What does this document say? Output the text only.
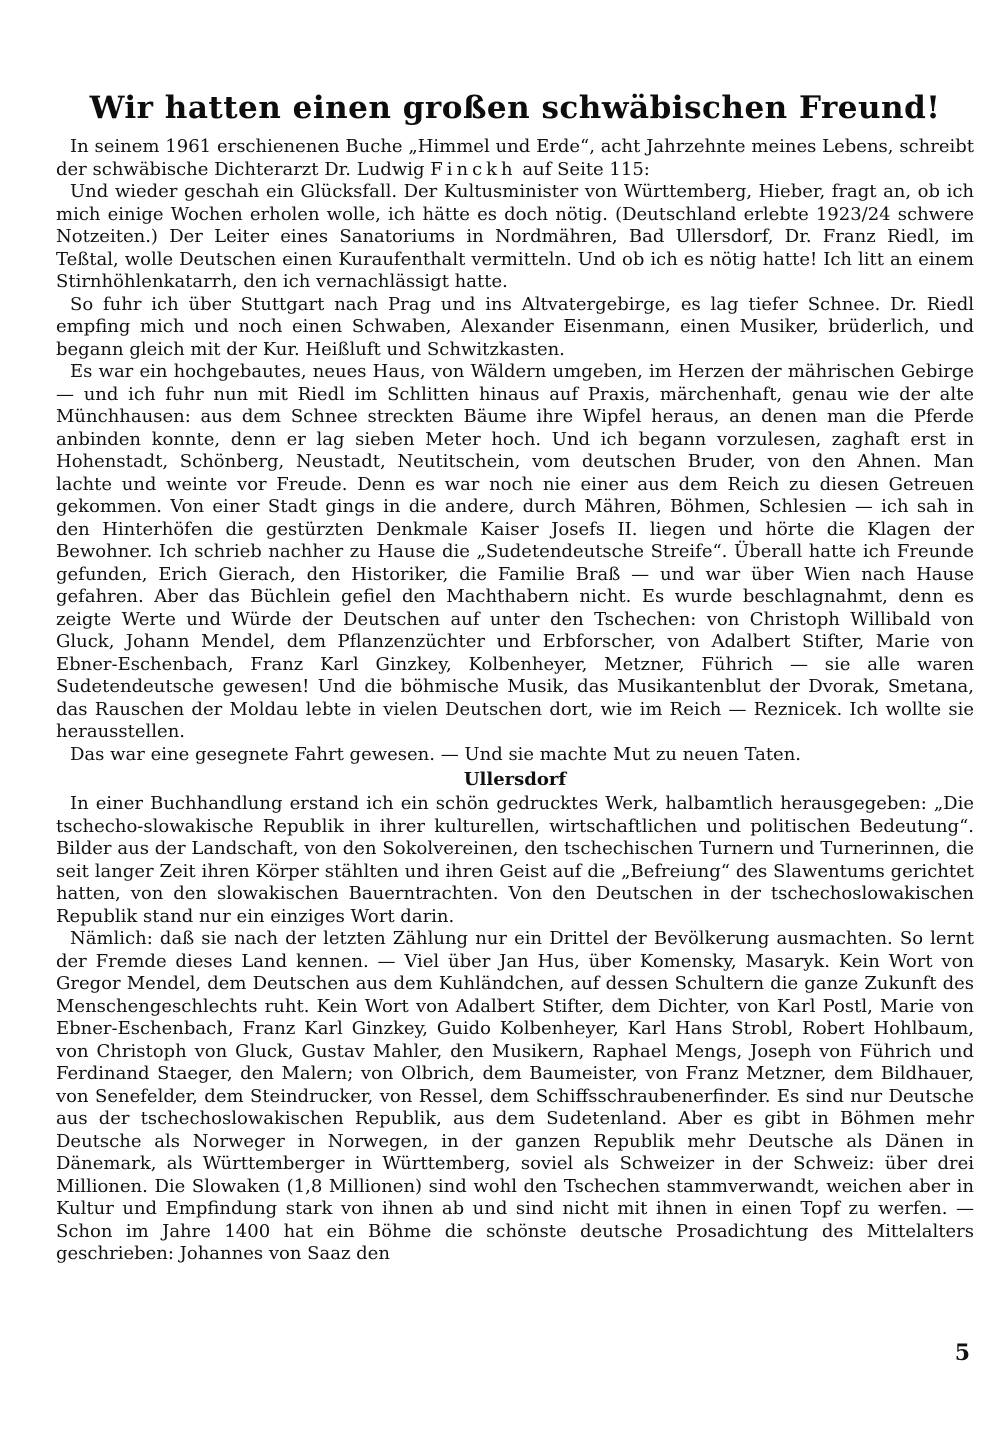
Wir hatten einen großen schwäbischen Freund!

In seinem 1961 erschienenen Buche „Himmel und Erde“, acht Jahrzehnte meines Lebens, schreibt der schwäbische Dichterarzt Dr. Ludwig Finckh auf Seite 115:

Und wieder geschah ein Glücksfall. Der Kultusminister von Württemberg, Hieber, fragt an, ob ich mich einige Wochen erholen wolle, ich hätte es doch nötig. (Deutschland erlebte 1923/24 schwere Notzeiten.) Der Leiter eines Sanatoriums in Nordmähren, Bad Ullersdorf, Dr. Franz Riedl, im Teßtal, wolle Deutschen einen Kuraufenthalt vermitteln. Und ob ich es nötig hatte! Ich litt an einem Stirnhöhlenkatarrh, den ich vernachlässigt hatte.

So fuhr ich über Stuttgart nach Prag und ins Altvatergebirge, es lag tiefer Schnee. Dr. Riedl empfing mich und noch einen Schwaben, Alexander Eisenmann, einen Musiker, brüderlich, und begann gleich mit der Kur. Heißluft und Schwitzkasten.

Es war ein hochgebautes, neues Haus, von Wäldern umgeben, im Herzen der mährischen Gebirge — und ich fuhr nun mit Riedl im Schlitten hinaus auf Praxis, märchenhaft, genau wie der alte Münchhausen: aus dem Schnee streckten Bäume ihre Wipfel heraus, an denen man die Pferde anbinden konnte, denn er lag sieben Meter hoch. Und ich begann vorzulesen, zaghaft erst in Hohenstadt, Schönberg, Neustadt, Neutitschein, vom deutschen Bruder, von den Ahnen. Man lachte und weinte vor Freude. Denn es war noch nie einer aus dem Reich zu diesen Getreuen gekommen. Von einer Stadt gings in die andere, durch Mähren, Böhmen, Schlesien — ich sah in den Hinterhöfen die gestürzten Denkmale Kaiser Josefs II. liegen und hörte die Klagen der Bewohner. Ich schrieb nachher zu Hause die „Sudetendeutsche Streife“. Überall hatte ich Freunde gefunden, Erich Gierach, den Historiker, die Familie Braß — und war über Wien nach Hause gefahren. Aber das Büchlein gefiel den Machthabern nicht. Es wurde beschlagnahmt, denn es zeigte Werte und Würde der Deutschen auf unter den Tschechen: von Christoph Willibald von Gluck, Johann Mendel, dem Pflanzenzüchter und Erbforscher, von Adalbert Stifter, Marie von Ebner-Eschenbach, Franz Karl Ginzkey, Kolbenheyer, Metzner, Führich — sie alle waren Sudetendeutsche gewesen! Und die böhmische Musik, das Musikantenblut der Dvorak, Smetana, das Rauschen der Moldau lebte in vielen Deutschen dort, wie im Reich — Reznicek. Ich wollte sie herausstellen.

Das war eine gesegnete Fahrt gewesen. — Und sie machte Mut zu neuen Taten.

Ullersdorf

In einer Buchhandlung erstand ich ein schön gedrucktes Werk, halbamtlich herausgegeben: „Die tschecho-slowakische Republik in ihrer kulturellen, wirtschaftlichen und politischen Bedeutung“. Bilder aus der Landschaft, von den Sokolvereinen, den tschechischen Turnern und Turnerinnen, die seit langer Zeit ihren Körper stählten und ihren Geist auf die „Befreiung“ des Slawentums gerichtet hatten, von den slowakischen Bauerntrachten. Von den Deutschen in der tschechoslowakischen Republik stand nur ein einziges Wort darin.

Nämlich: daß sie nach der letzten Zählung nur ein Drittel der Bevölkerung ausmachten. So lernt der Fremde dieses Land kennen. — Viel über Jan Hus, über Komensky, Masaryk. Kein Wort von Gregor Mendel, dem Deutschen aus dem Kuhländchen, auf dessen Schultern die ganze Zukunft des Menschengeschlechts ruht. Kein Wort von Adalbert Stifter, dem Dichter, von Karl Postl, Marie von Ebner-Eschenbach, Franz Karl Ginzkey, Guido Kolbenheyer, Karl Hans Strobl, Robert Hohlbaum, von Christoph von Gluck, Gustav Mahler, den Musikern, Raphael Mengs, Joseph von Führich und Ferdinand Staeger, den Malern; von Olbrich, dem Baumeister, von Franz Metzner, dem Bildhauer, von Senefelder, dem Steindrucker, von Ressel, dem Schiffsschraubenerfinder. Es sind nur Deutsche aus der tschechoslowakischen Republik, aus dem Sudetenland. Aber es gibt in Böhmen mehr Deutsche als Norweger in Norwegen, in der ganzen Republik mehr Deutsche als Dänen in Dänemark, als Württemberger in Württemberg, soviel als Schweizer in der Schweiz: über drei Millionen. Die Slowaken (1,8 Millionen) sind wohl den Tschechen stammverwandt, weichen aber in Kultur und Empfindung stark von ihnen ab und sind nicht mit ihnen in einen Topf zu werfen. — Schon im Jahre 1400 hat ein Böhme die schönste deutsche Prosadichtung des Mittelalters geschrieben: Johannes von Saaz den

5
